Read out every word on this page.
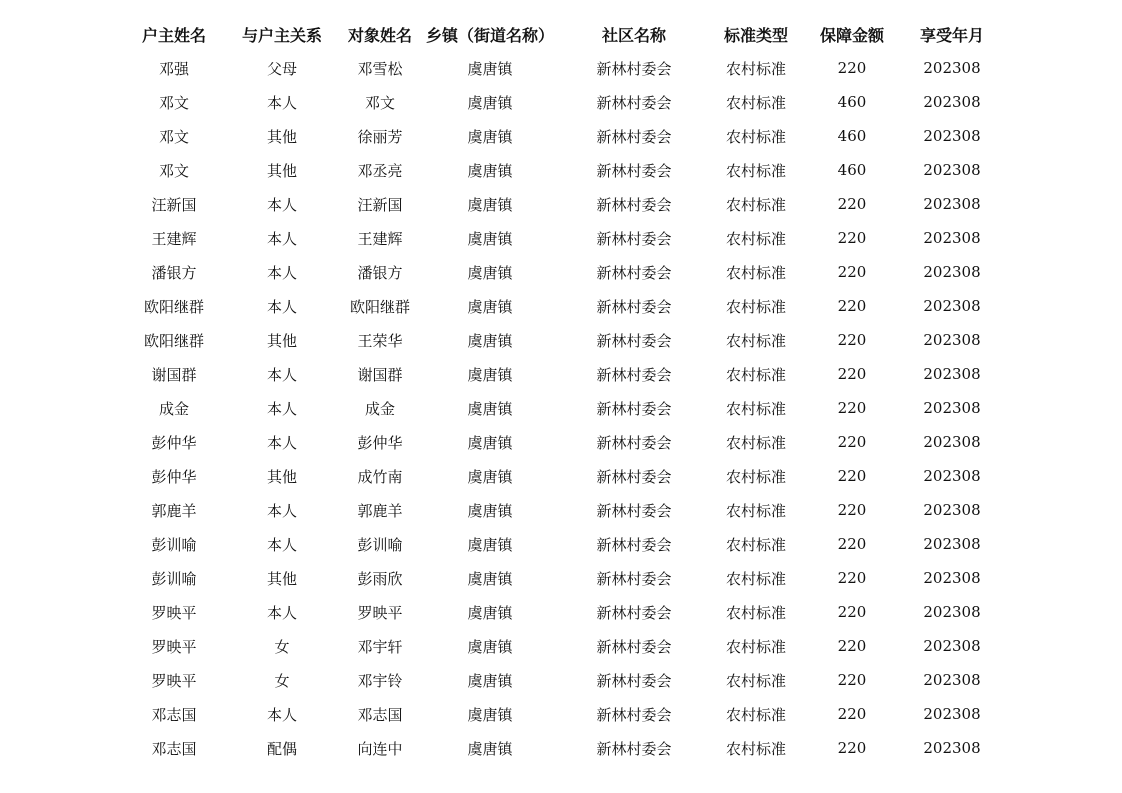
户主姓名	与户主关系	对象姓名	乡镇（街道名称）	社区名称	标准类型	保障金额	享受年月
邓强	父母	邓雪松	虞唐镇	新林村委会	农村标准	220	202308
邓文	本人	邓文	虞唐镇	新林村委会	农村标准	460	202308
邓文	其他	徐丽芳	虞唐镇	新林村委会	农村标准	460	202308
邓文	其他	邓丞亮	虞唐镇	新林村委会	农村标准	460	202308
汪新国	本人	汪新国	虞唐镇	新林村委会	农村标准	220	202308
王建辉	本人	王建辉	虞唐镇	新林村委会	农村标准	220	202308
潘银方	本人	潘银方	虞唐镇	新林村委会	农村标准	220	202308
欧阳继群	本人	欧阳继群	虞唐镇	新林村委会	农村标准	220	202308
欧阳继群	其他	王荣华	虞唐镇	新林村委会	农村标准	220	202308
谢国群	本人	谢国群	虞唐镇	新林村委会	农村标准	220	202308
成金	本人	成金	虞唐镇	新林村委会	农村标准	220	202308
彭仲华	本人	彭仲华	虞唐镇	新林村委会	农村标准	220	202308
彭仲华	其他	成竹南	虞唐镇	新林村委会	农村标准	220	202308
郭鹿羊	本人	郭鹿羊	虞唐镇	新林村委会	农村标准	220	202308
彭训喻	本人	彭训喻	虞唐镇	新林村委会	农村标准	220	202308
彭训喻	其他	彭雨欣	虞唐镇	新林村委会	农村标准	220	202308
罗映平	本人	罗映平	虞唐镇	新林村委会	农村标准	220	202308
罗映平	女	邓宇轩	虞唐镇	新林村委会	农村标准	220	202308
罗映平	女	邓宇铃	虞唐镇	新林村委会	农村标准	220	202308
邓志国	本人	邓志国	虞唐镇	新林村委会	农村标准	220	202308
邓志国	配偶	向连中	虞唐镇	新林村委会	农村标准	220	202308
